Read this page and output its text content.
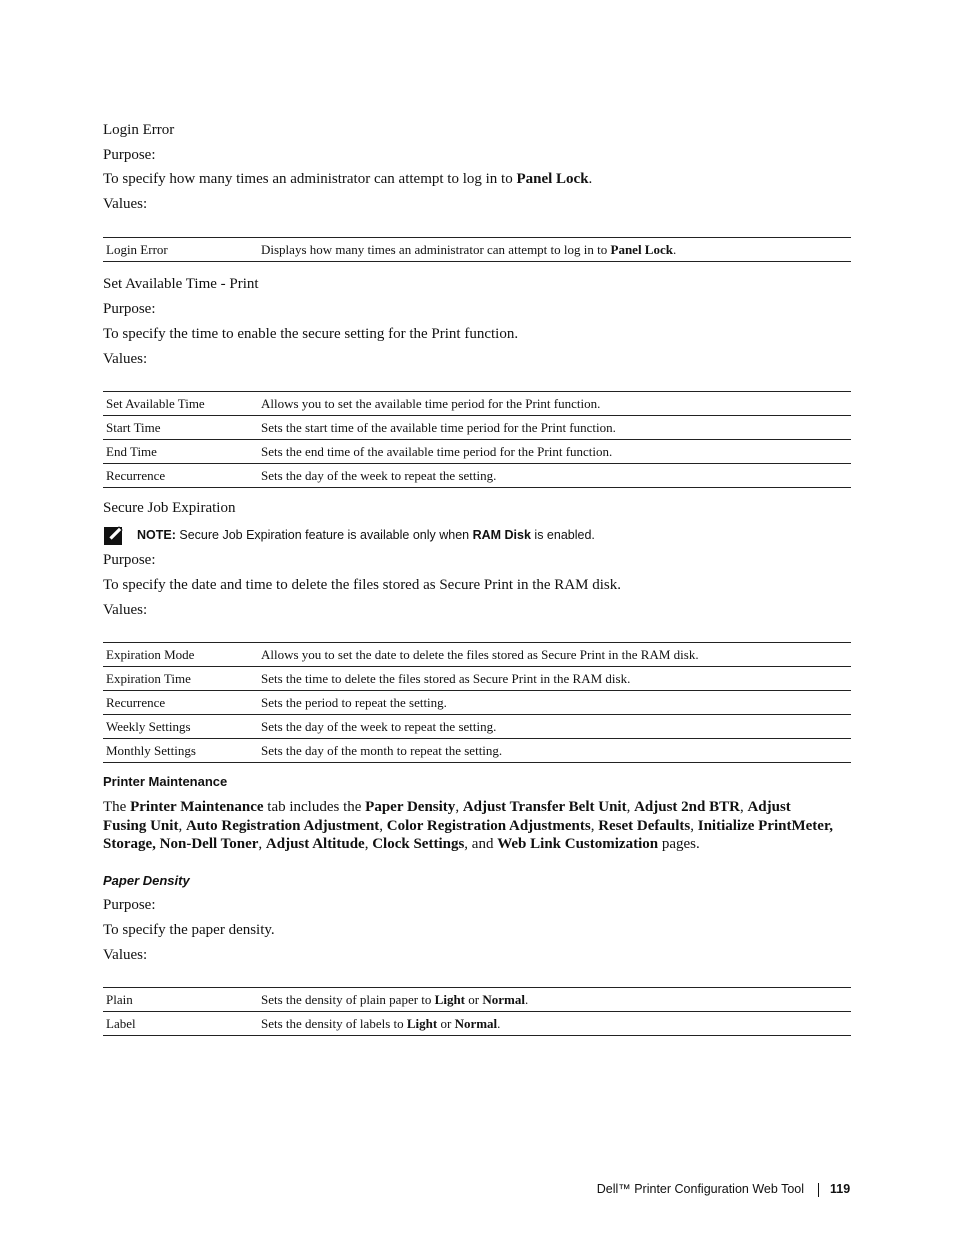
Login Error
Purpose:
To specify how many times an administrator can attempt to log in to Panel Lock.
Values:
Login Error	Displays how many times an administrator can attempt to log in to Panel Lock.
Set Available Time - Print
Purpose:
To specify the time to enable the secure setting for the Print function.
Values:
Set Available Time	Allows you to set the available time period for the Print function.
Start Time	Sets the start time of the available time period for the Print function.
End Time	Sets the end time of the available time period for the Print function.
Recurrence	Sets the day of the week to repeat the setting.
Secure Job Expiration
NOTE: Secure Job Expiration feature is available only when RAM Disk is enabled.
Purpose:
To specify the date and time to delete the files stored as Secure Print in the RAM disk.
Values:
Expiration Mode	Allows you to set the date to delete the files stored as Secure Print in the RAM disk.
Expiration Time	Sets the time to delete the files stored as Secure Print in the RAM disk.
Recurrence	Sets the period to repeat the setting.
Weekly Settings	Sets the day of the week to repeat the setting.
Monthly Settings	Sets the day of the month to repeat the setting.
Printer Maintenance
The Printer Maintenance tab includes the Paper Density, Adjust Transfer Belt Unit, Adjust 2nd BTR, Adjust Fusing Unit, Auto Registration Adjustment, Color Registration Adjustments, Reset Defaults, Initialize PrintMeter, Storage, Non-Dell Toner, Adjust Altitude, Clock Settings, and Web Link Customization pages.
Paper Density
Purpose:
To specify the paper density.
Values:
Plain	Sets the density of plain paper to Light or Normal.
Label	Sets the density of labels to Light or Normal.
Dell™ Printer Configuration Web Tool 119
